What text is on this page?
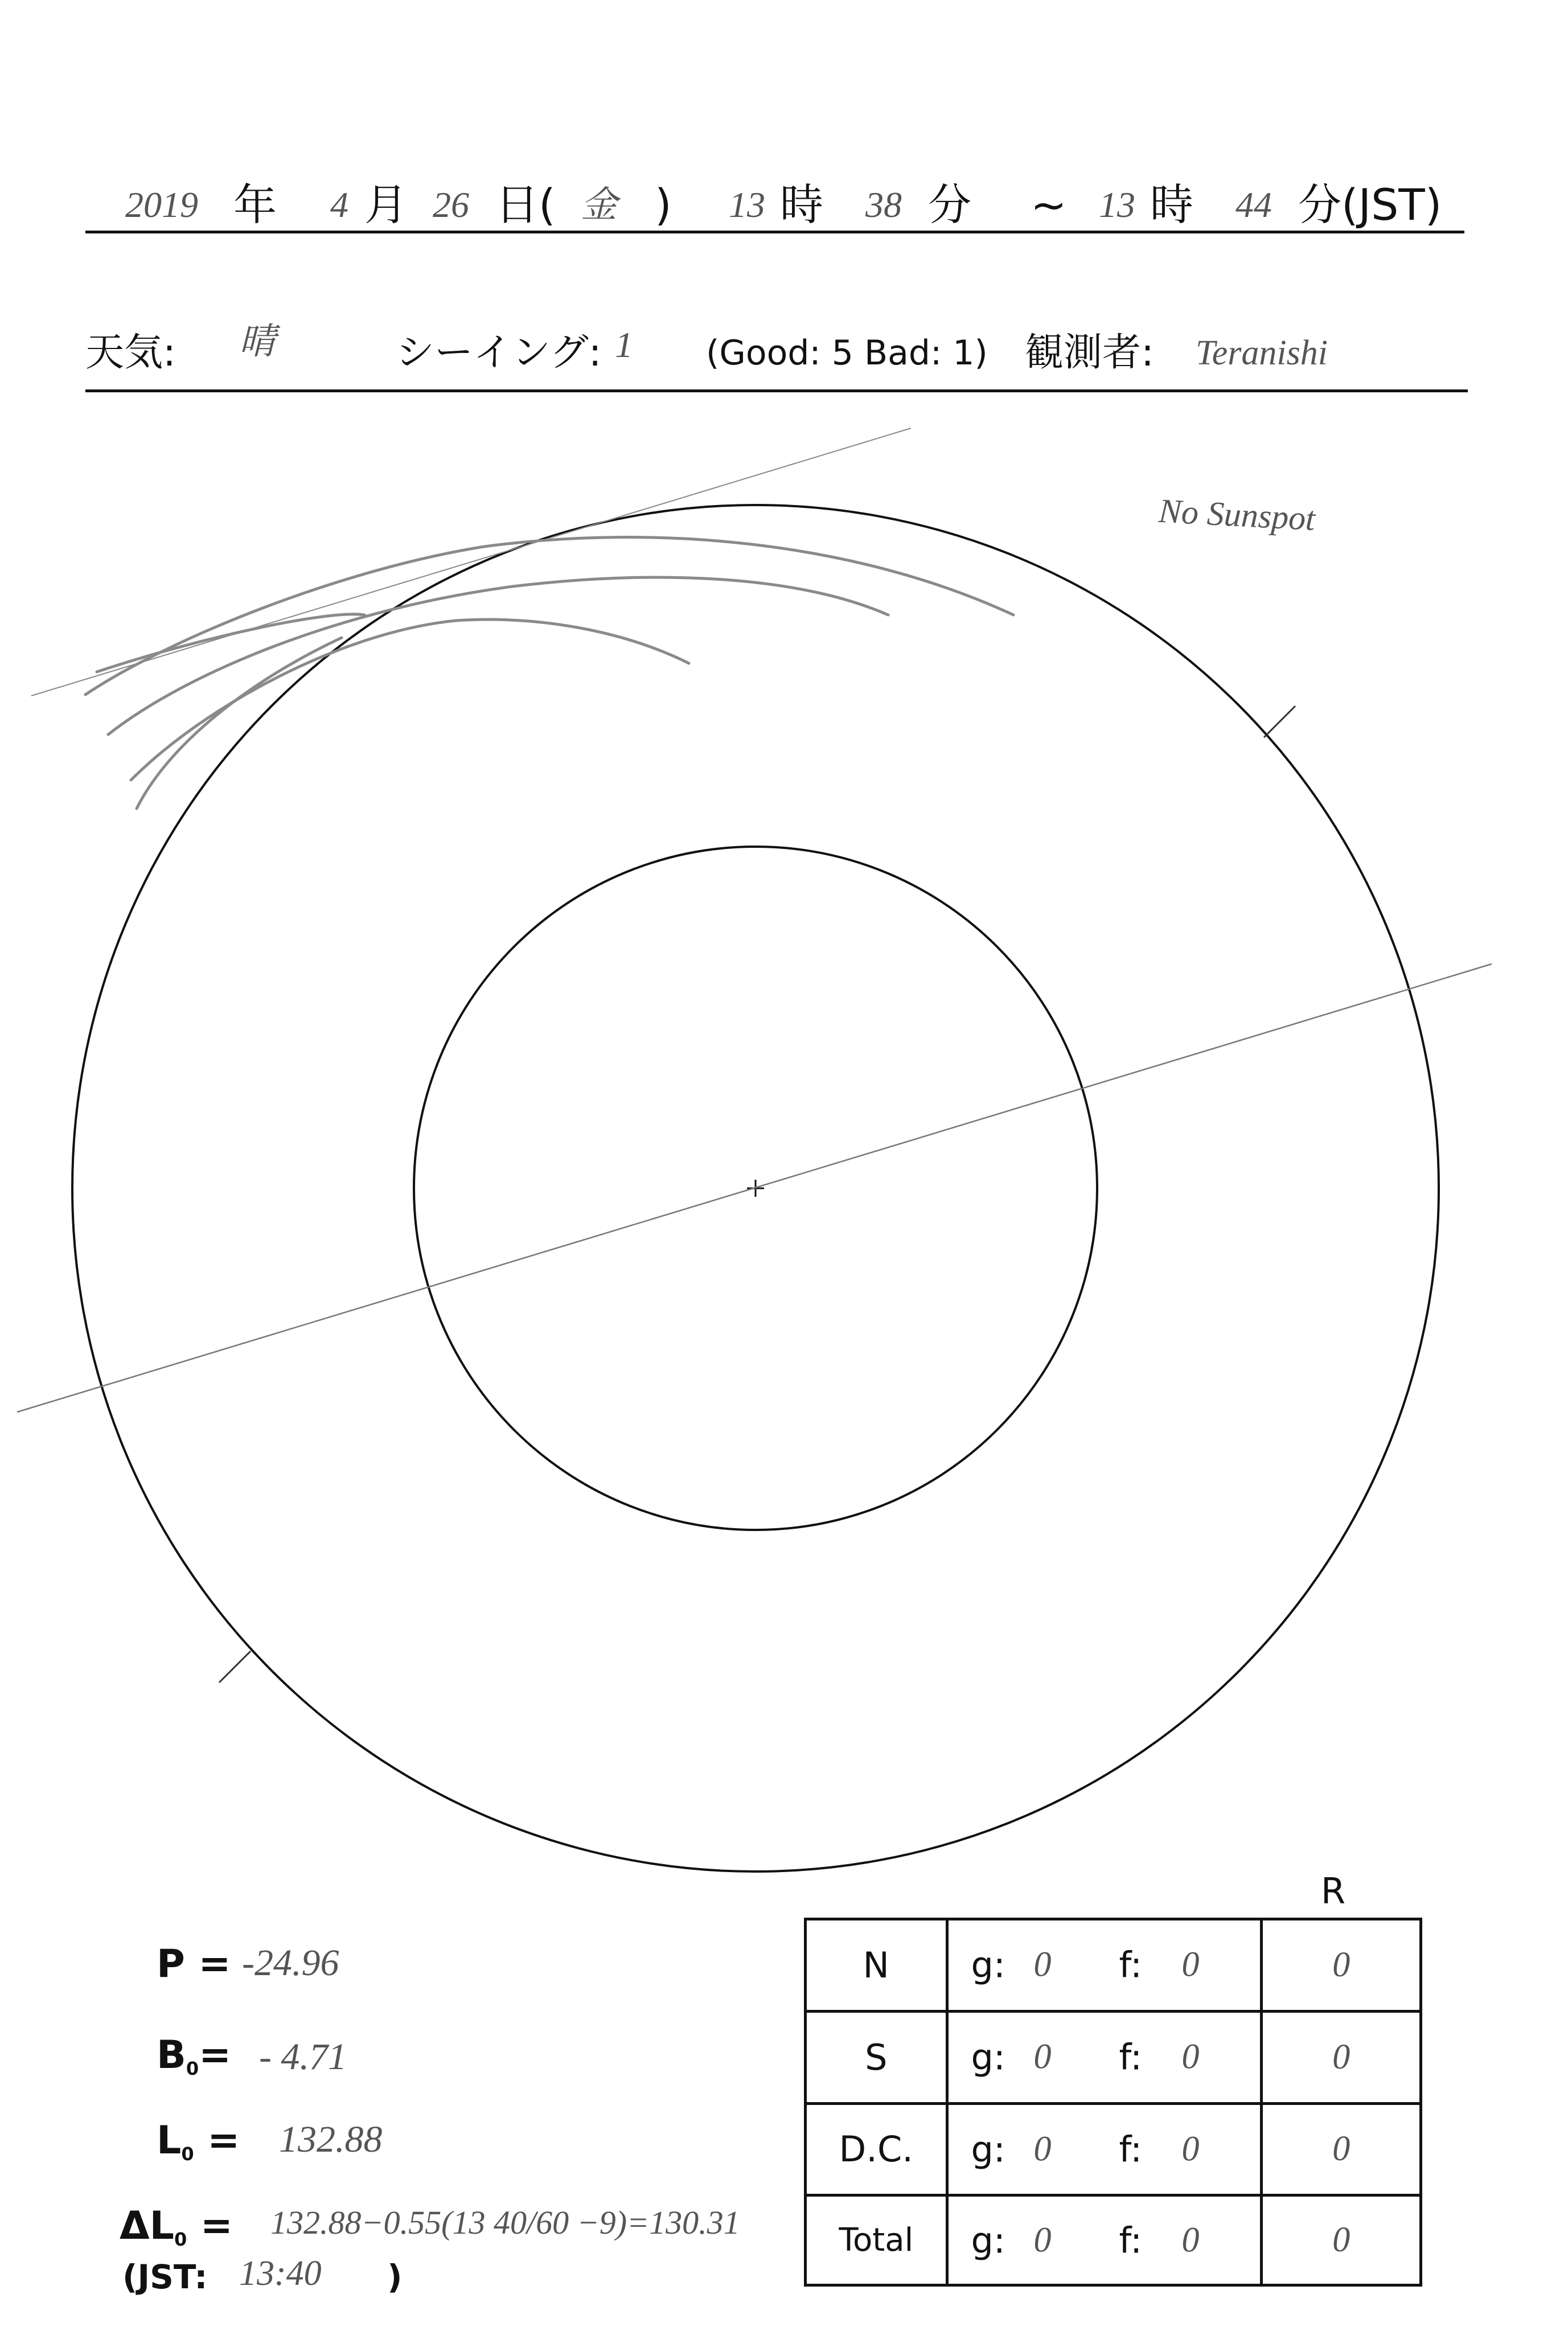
2019 年 4 月 26 日( 金 ) 13 時 38 分 ~ 13 時 44 分(JST)
天気: 晴	シーイング: 1 (Good: 5 Bad: 1) 観測者: Teranishi
No Sunspot
P = -24.96
$B_0= - 4.71$
$L_0 = 132.88$
$\Delta L_0 = 132.88-0.55(13$ 40/60 −9)=130.31
(JST: 13:40 )
R
N	g: 0 f: 0	0
S	g: 0 f: 0	0
D.C.	g: 0 f: 0	0
Total	g: 0 f: 0	0
